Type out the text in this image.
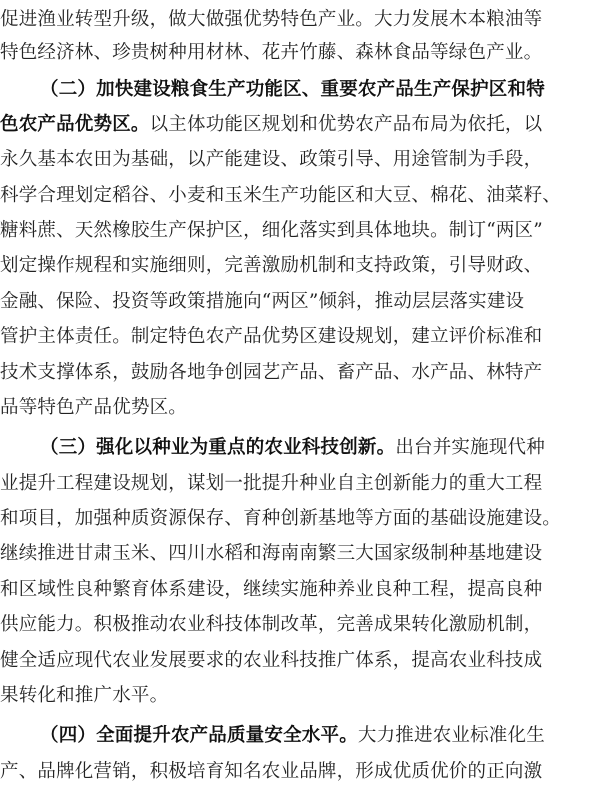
促进渔业转型升级，做大做强优势特色产业。大力发展木本粮油等
特色经济林、珍贵树种用材林、花卉竹藤、森林食品等绿色产业。
（二）加快建设粮食生产功能区、重要农产品生产保护区和特
色农产品优势区。以主体功能区规划和优势农产品布局为依托，以
永久基本农田为基础，以产能建设、政策引导、用途管制为手段，
科学合理划定稻谷、小麦和玉米生产功能区和大豆、棉花、油菜籽、
糖料蔗、天然橡胶生产保护区，细化落实到具体地块。制订“两区”
划定操作规程和实施细则，完善激励机制和支持政策，引导财政、
金融、保险、投资等政策措施向“两区”倾斜，推动层层落实建设
管护主体责任。制定特色农产品优势区建设规划，建立评价标准和
技术支撑体系，鼓励各地争创园艺产品、畜产品、水产品、林特产
品等特色产品优势区。
（三）强化以种业为重点的农业科技创新。出台并实施现代种
业提升工程建设规划，谋划一批提升种业自主创新能力的重大工程
和项目，加强种质资源保存、育种创新基地等方面的基础设施建设。
继续推进甘肃玉米、四川水稻和海南南繁三大国家级制种基地建设
和区域性良种繁育体系建设，继续实施种养业良种工程，提高良种
供应能力。积极推动农业科技体制改革，完善成果转化激励机制，
健全适应现代农业发展要求的农业科技推广体系，提高农业科技成
果转化和推广水平。
（四）全面提升农产品质量安全水平。大力推进农业标准化生
产、品牌化营销，积极培育知名农业品牌，形成优质优价的正向激
